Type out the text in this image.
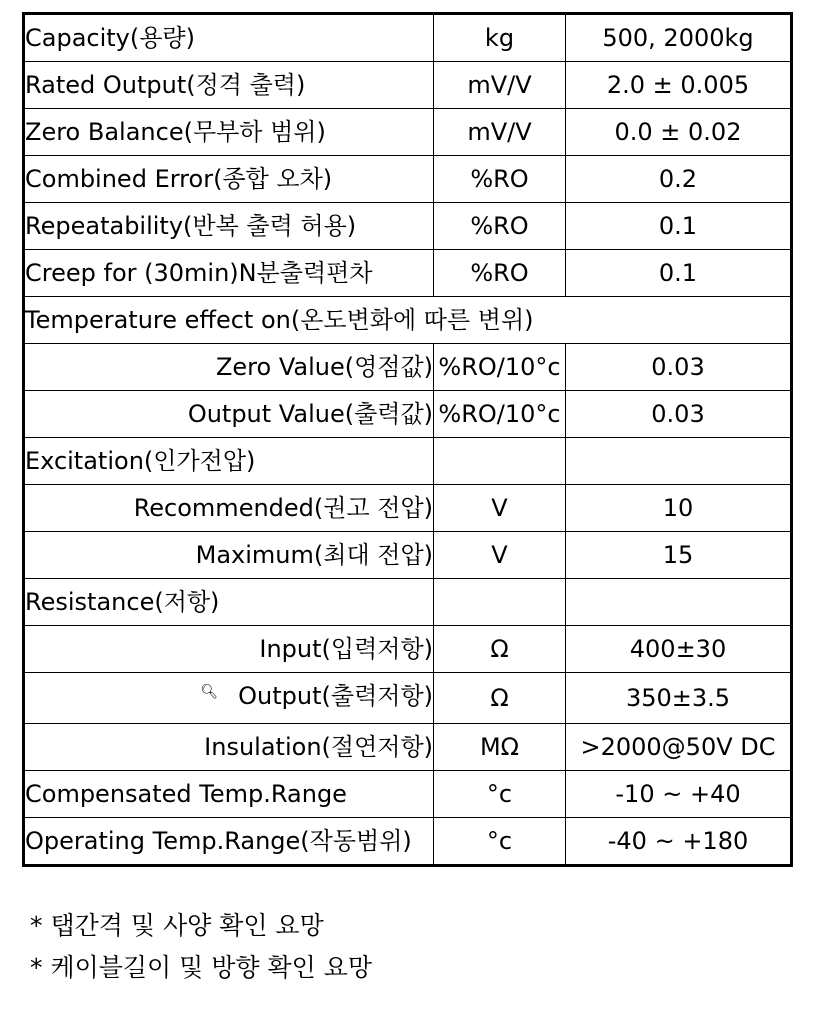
Capacity(용량)	kg	500, 2000kg
Rated Output(정격 출력)	mV/V	2.0 ± 0.005
Zero Balance(무부하 범위)	mV/V	0.0 ± 0.02
Combined Error(종합 오차)	%RO	0.2
Repeatability(반복 출력 허용)	%RO	0.1
Creep for (30min)N분출력편차	%RO	0.1
Temperature effect on(온도변화에 따른 변위)		
Zero Value(영점값)	%RO/10°c	0.03
Output Value(출력값)	%RO/10°c	0.03
Excitation(인가전압)		
Recommended(권고 전압)	V	10
Maximum(최대 전압)	V	15
Resistance(저항)		
Input(입력저항)	Ω	400±30
🔍︎ Output(출력저항)	Ω	350±3.5
Insulation(절연저항)	MΩ	>2000@50V DC
Compensated Temp.Range	°c	-10 ~ +40
Operating Temp.Range(작동범위)	°c	-40 ~ +180
* 탭간격 및 사양 확인 요망
* 케이블길이 및 방향 확인 요망
